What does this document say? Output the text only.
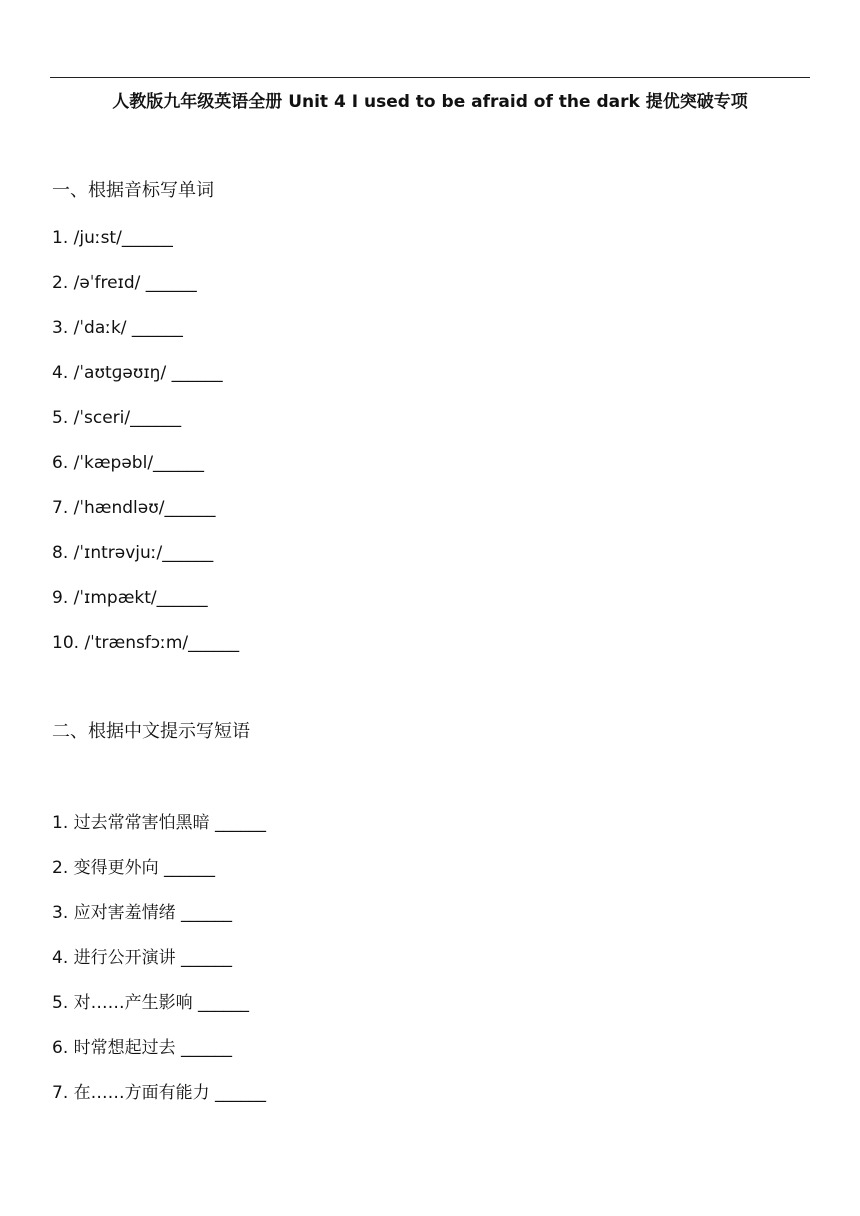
人教版九年级英语全册 Unit 4 I used to be afraid of the dark 提优突破专项
一、根据音标写单词
1. /juːst/______
2. /əˈfreɪd/ ______
3. /ˈdaːk/ ______
4. /ˈaʊtɡəʊɪŋ/ ______
5. /ˈsceri/______
6. /ˈkæpəbl/______
7. /ˈhændləʊ/______
8. /ˈɪntrəvjuː/______
9. /ˈɪmpækt/______
10. /ˈtrænsfɔːm/______
二、根据中文提示写短语
1. 过去常常害怕黑暗 ______
2. 变得更外向 ______
3. 应对害羞情绪 ______
4. 进行公开演讲 ______
5. 对……产生影响 ______
6. 时常想起过去 ______
7. 在……方面有能力 ______
